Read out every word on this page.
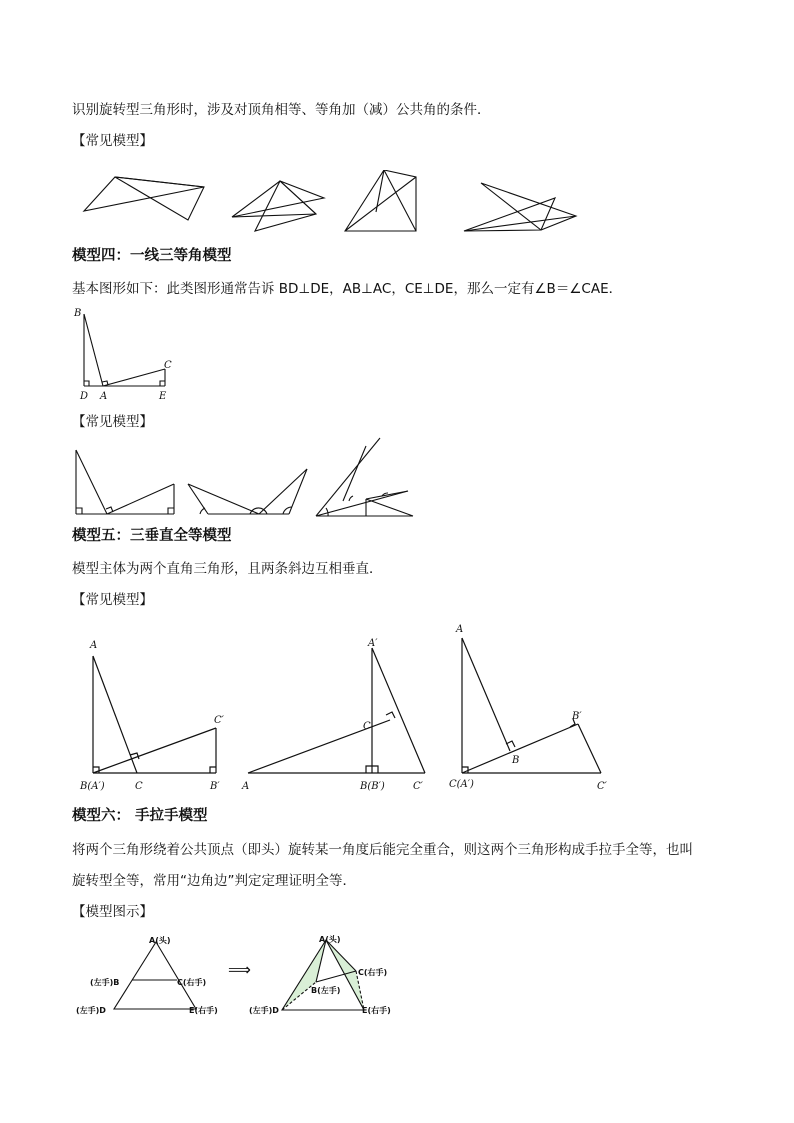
识别旋转型三角形时，涉及对顶角相等、等角加（减）公共角的条件．
【常见模型】
模型四：一线三等角模型
基本图形如下：此类图形通常告诉 BD⊥DE，AB⊥AC，CE⊥DE，那么一定有∠B＝∠CAE．
B
C
D A	E
【常见模型】
模型五：三垂直全等模型
模型主体为两个直角三角形，且两条斜边互相垂直．
【常见模型】
A
C′
B(A′)	C	B′
A′
C
A	B(B′)	C′
A
B′
B
C(A′)	C′
模型六： 手拉手模型
将两个三角形绕着公共顶点（即头）旋转某一角度后能完全重合，则这两个三角形构成手拉手全等，也叫
旋转型全等，常用“边角边”判定定理证明全等．
【模型图示】
A(头)
(左手)B	C(右手)
(左手)D	E(右手)
⟹
A(头)
C(右手)
B(左手)
(左手)D	E(右手)
